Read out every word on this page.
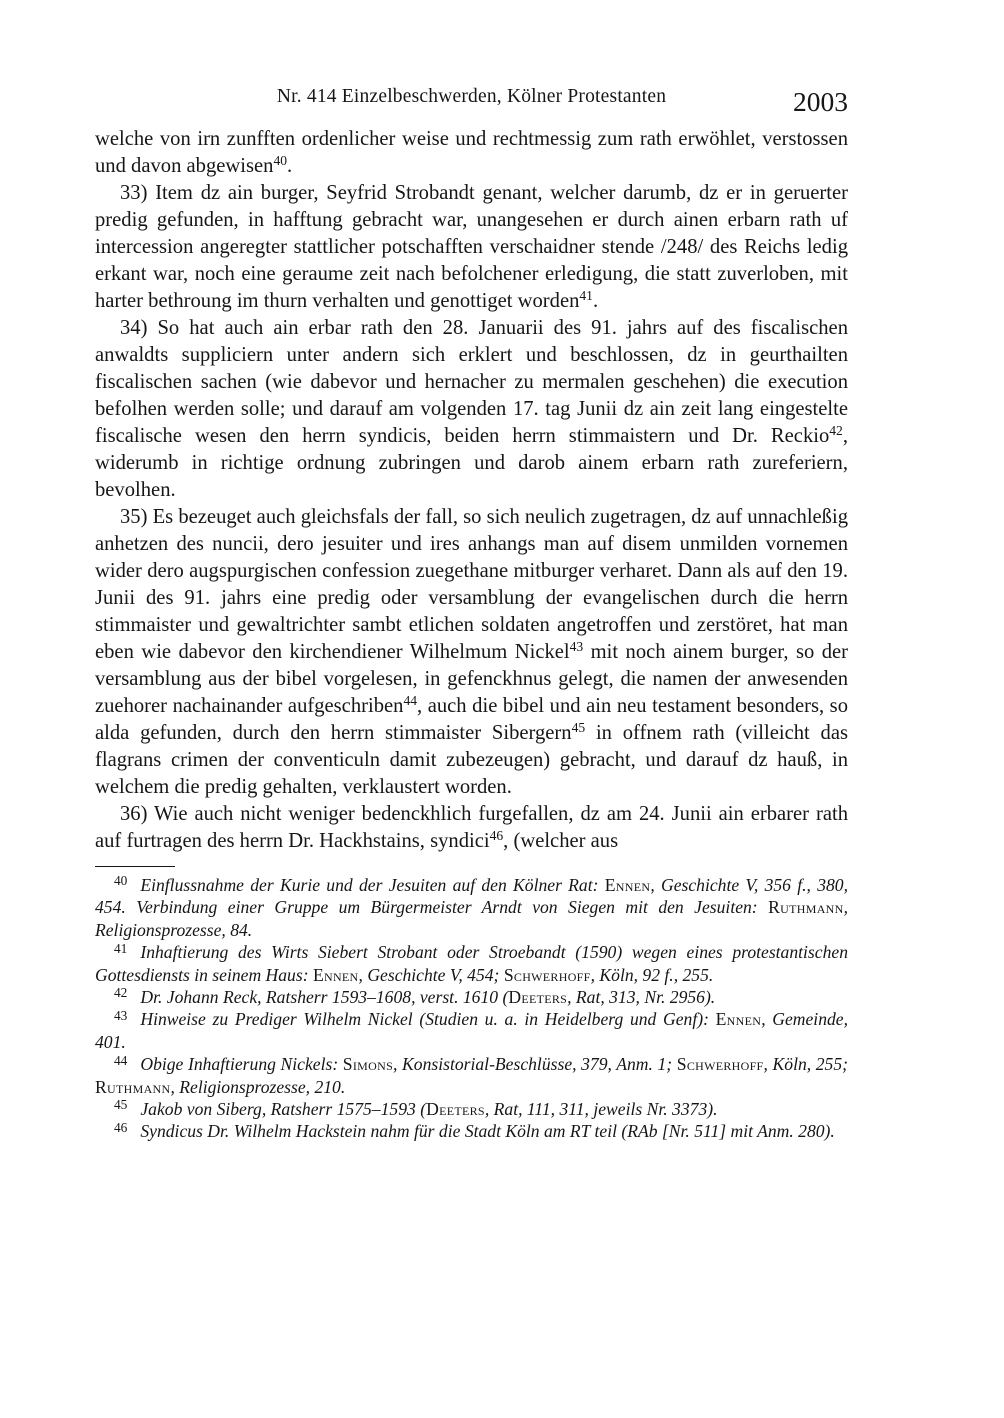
Nr. 414 Einzelbeschwerden, Kölner Protestanten	2003

welche von irn zunfften ordenlicher weise und rechtmessig zum rath erwöhlet, verstossen und davon abgewisen$^{40}$.

33) Item dz ain burger, Seyfrid Strobandt genant, welcher darumb, dz er in geruerter predig gefunden, in hafftung gebracht war, unangesehen er durch ainen erbarn rath uf intercession angeregter stattlicher potschafften verschaidner stende /248/ des Reichs ledig erkant war, noch eine geraume zeit nach befolchener erledigung, die statt zuverloben, mit harter bethroung im thurn verhalten und genottiget worden$^{41}$.

34) So hat auch ain erbar rath den 28. Januarii des 91. jahrs auf des fiscalischen anwaldts suppliciern unter andern sich erklert und beschlossen, dz in geurthailten fiscalischen sachen (wie dabevor und hernacher zu mermalen geschehen) die execution befolhen werden solle; und darauf am volgenden 17. tag Junii dz ain zeit lang eingestelte fiscalische wesen den herrn syndicis, beiden herrn stimmaistern und Dr. Reckio$^{42}$, widerumb in richtige ordnung zubringen und darob ainem erbarn rath zureferiern, bevolhen.

35) Es bezeuget auch gleichsfals der fall, so sich neulich zugetragen, dz auf unnachleßig anhetzen des nuncii, dero jesuiter und ires anhangs man auf disem unmilden vornemen wider dero augspurgischen confession zuegethane mitburger verharet. Dann als auf den 19. Junii des 91. jahrs eine predig oder versamblung der evangelischen durch die herrn stimmaister und gewaltrichter sambt etlichen soldaten angetroffen und zerstöret, hat man eben wie dabevor den kirchendiener Wilhelmum Nickel$^{43}$ mit noch ainem burger, so der versamblung aus der bibel vorgelesen, in gefenckhnus gelegt, die namen der anwesenden zuehorer nachainander aufgeschriben$^{44}$, auch die bibel und ain neu testament besonders, so alda gefunden, durch den herrn stimmaister Sibergern$^{45}$ in offnem rath (villeicht das flagrans crimen der conventiculn damit zubezeugen) gebracht, und darauf dz hauß, in welchem die predig gehalten, verklaustert worden.

36) Wie auch nicht weniger bedenckhlich furgefallen, dz am 24. Junii ain erbarer rath auf furtragen des herrn Dr. Hackhstains, syndici$^{46}$, (welcher aus

$^{40}$ Einflussnahme der Kurie und der Jesuiten auf den Kölner Rat: Ennen, Geschichte V, 356 f., 380, 454. Verbindung einer Gruppe um Bürgermeister Arndt von Siegen mit den Jesuiten: Ruthmann, Religionsprozesse, 84.

$^{41}$ Inhaftierung des Wirts Siebert Strobant oder Stroebandt (1590) wegen eines protestantischen Gottesdiensts in seinem Haus: Ennen, Geschichte V, 454; Schwerhoff, Köln, 92 f., 255.

$^{42}$ Dr. Johann Reck, Ratsherr 1593–1608, verst. 1610 (Deeters, Rat, 313, Nr. 2956).

$^{43}$ Hinweise zu Prediger Wilhelm Nickel (Studien u. a. in Heidelberg und Genf): Ennen, Gemeinde, 401.

$^{44}$ Obige Inhaftierung Nickels: Simons, Konsistorial-Beschlüsse, 379, Anm. 1; Schwerhoff, Köln, 255; Ruthmann, Religionsprozesse, 210.

$^{45}$ Jakob von Siberg, Ratsherr 1575–1593 (Deeters, Rat, 111, 311, jeweils Nr. 3373).

$^{46}$ Syndicus Dr. Wilhelm Hackstein nahm für die Stadt Köln am RT teil (RAb [Nr. 511] mit Anm. 280).
